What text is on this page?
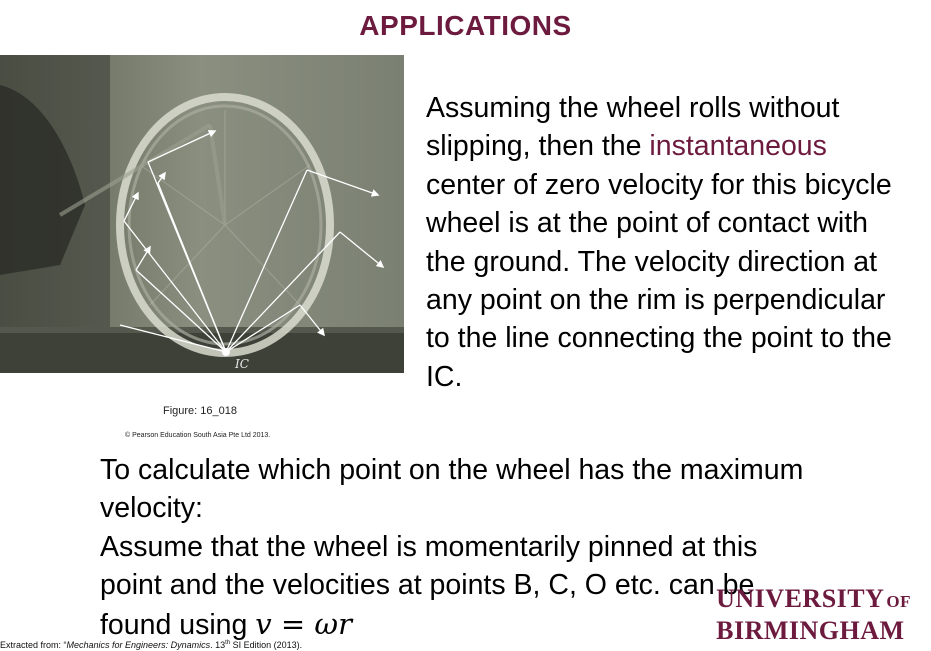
APPLICATIONS
IC
Assuming the wheel rolls without slipping, then the instantaneous center of zero velocity for this bicycle wheel is at the point of contact with the ground. The velocity direction at any point on the rim is perpendicular to the line connecting the point to the IC.
Figure: 16_018
© Pearson Education South Asia Pte Ltd 2013.
To calculate which point on the wheel has the maximum velocity:
Assume that the wheel is momentarily pinned at this point and the velocities at points B, C, O etc. can be found using v = ωr
UNIVERSITY OF
BIRMINGHAM
Extracted from: “Mechanics for Engineers: Dynamics. 13th SI Edition (2013).
